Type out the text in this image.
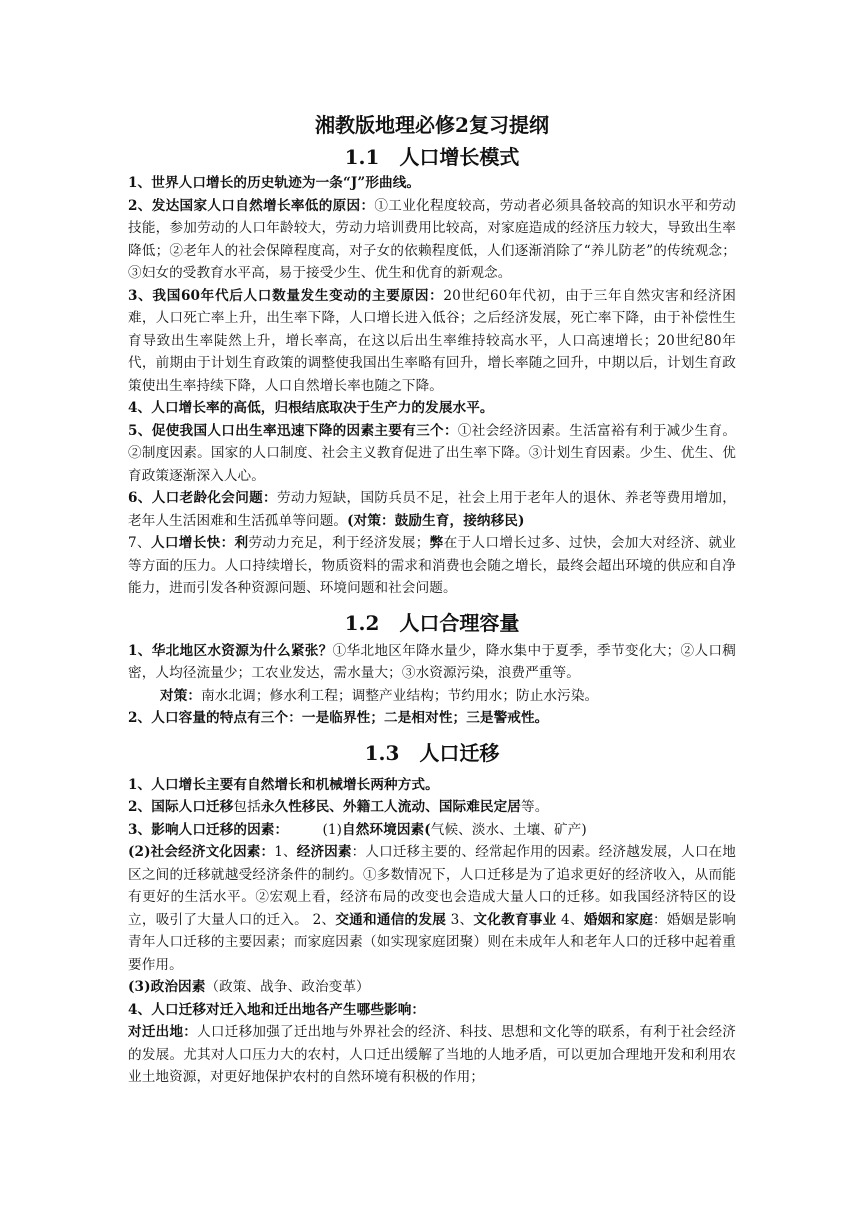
湘教版地理必修2复习提纲
1.1　人口增长模式

1、世界人口增长的历史轨迹为一条“J”形曲线。

2、发达国家人口自然增长率低的原因：①工业化程度较高，劳动者必须具备较高的知识水平和劳动技能，参加劳动的人口年龄较大，劳动力培训费用比较高，对家庭造成的经济压力较大，导致出生率降低；②老年人的社会保障程度高，对子女的依赖程度低，人们逐渐消除了“养儿防老”的传统观念；③妇女的受教育水平高，易于接受少生、优生和优育的新观念。

3、我国60年代后人口数量发生变动的主要原因：20世纪60年代初，由于三年自然灾害和经济困难，人口死亡率上升，出生率下降，人口增长进入低谷；之后经济发展，死亡率下降，由于补偿性生育导致出生率陡然上升，增长率高，在这以后出生率维持较高水平，人口高速增长；20世纪80年代，前期由于计划生育政策的调整使我国出生率略有回升，增长率随之回升，中期以后，计划生育政策使出生率持续下降，人口自然增长率也随之下降。

4、人口增长率的高低，归根结底取决于生产力的发展水平。

5、促使我国人口出生率迅速下降的因素主要有三个：①社会经济因素。生活富裕有利于减少生育。②制度因素。国家的人口制度、社会主义教育促进了出生率下降。③计划生育因素。少生、优生、优育政策逐渐深入人心。

6、人口老龄化会问题：劳动力短缺，国防兵员不足，社会上用于老年人的退休、养老等费用增加，老年人生活困难和生活孤单等问题。(对策：鼓励生育，接纳移民)

7、人口增长快：利劳动力充足，利于经济发展；弊在于人口增长过多、过快，会加大对经济、就业等方面的压力。人口持续增长，物质资料的需求和消费也会随之增长，最终会超出环境的供应和自净能力，进而引发各种资源问题、环境问题和社会问题。

1.2　人口合理容量

1、华北地区水资源为什么紧张？①华北地区年降水量少，降水集中于夏季，季节变化大；②人口稠密，人均径流量少；工农业发达，需水量大；③水资源污染，浪费严重等。

对策：南水北调；修水利工程；调整产业结构；节约用水；防止水污染。

2、人口容量的特点有三个：一是临界性；二是相对性；三是警戒性。

1.3　人口迁移

1、人口增长主要有自然增长和机械增长两种方式。

2、国际人口迁移包括永久性移民、外籍工人流动、国际难民定居等。

3、影响人口迁移的因素：　　　	(1)自然环境因素(气候、淡水、土壤、矿产)

(2)社会经济文化因素：1、经济因素：人口迁移主要的、经常起作用的因素。经济越发展，人口在地区之间的迁移就越受经济条件的制约。①多数情况下，人口迁移是为了追求更好的经济收入，从而能有更好的生活水平。②宏观上看，经济布局的改变也会造成大量人口的迁移。如我国经济特区的设立，吸引了大量人口的迁入。 2、交通和通信的发展 3、文化教育事业 4、婚姻和家庭：婚姻是影响青年人口迁移的主要因素；而家庭因素（如实现家庭团聚）则在未成年人和老年人口的迁移中起着重要作用。

(3)政治因素（政策、战争、政治变革）

4、人口迁移对迁入地和迁出地各产生哪些影响：

对迁出地：人口迁移加强了迁出地与外界社会的经济、科技、思想和文化等的联系，有利于社会经济的发展。尤其对人口压力大的农村，人口迁出缓解了当地的人地矛盾，可以更加合理地开发和利用农业土地资源，对更好地保护农村的自然环境有积极的作用；
